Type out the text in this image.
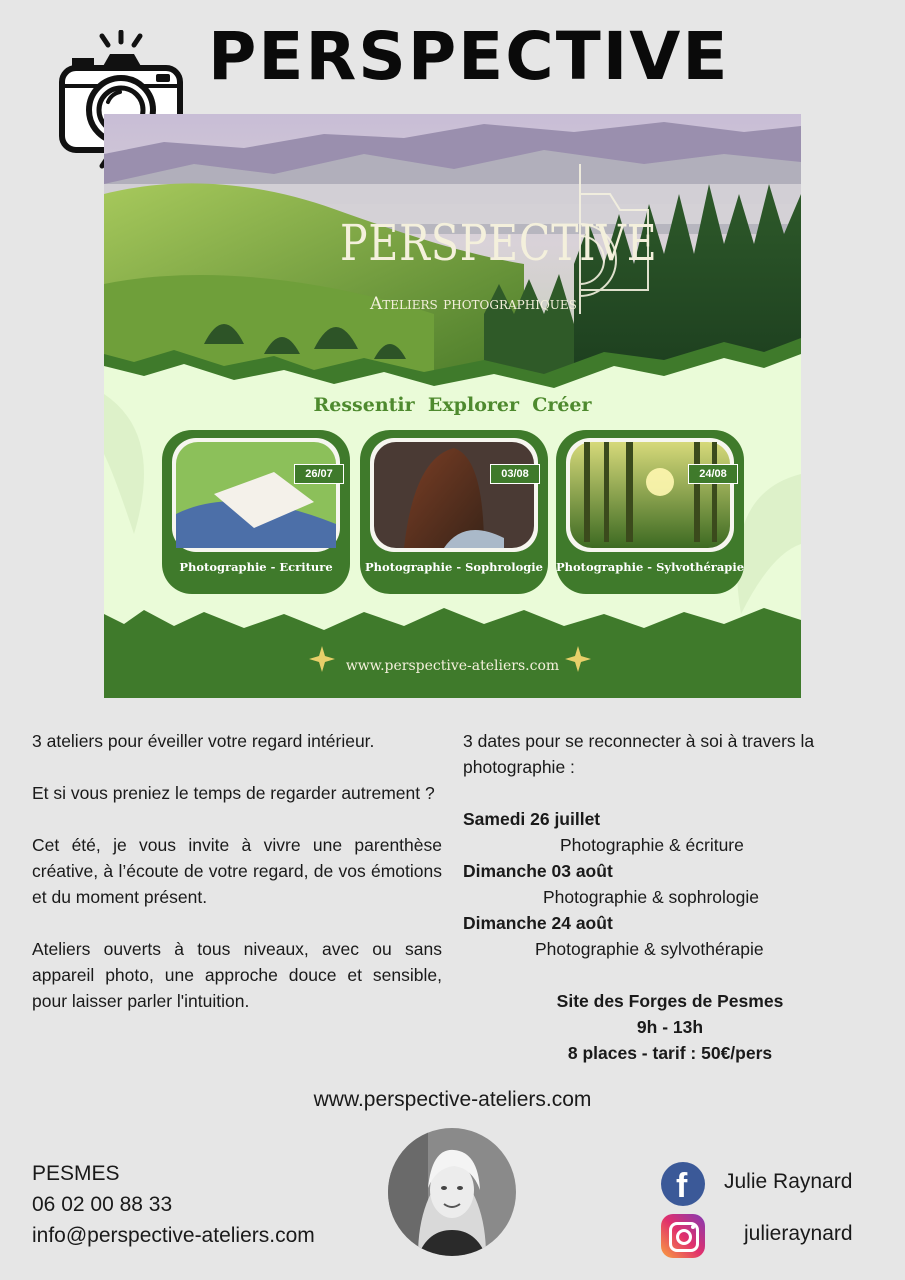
PERSPECTIVE
PERSPECTIVE
Ateliers photographiques
Ressentir  Explorer  Créer
26/07	03/08	24/08
Photographie - Ecriture	Photographie - Sophrologie	Photographie - Sylvothérapie
www.perspective-ateliers.com

3 ateliers pour éveiller votre regard intérieur.

Et si vous preniez le temps de regarder autrement ?

Cet été, je vous invite à vivre une parenthèse créative, à l’écoute de votre regard, de vos émotions et du moment présent.

Ateliers ouverts à tous niveaux, avec ou sans appareil photo, une approche douce et sensible, pour laisser parler l'intuition.

3 dates pour se reconnecter à soi à travers la photographie :
Samedi 26 juillet
Photographie & écriture
Dimanche 03 août
Photographie & sophrologie
Dimanche 24 août
Photographie & sylvothérapie
Site des Forges de Pesmes
9h - 13h
8 places - tarif : 50€/pers
www.perspective-ateliers.com
PESMES
06 02 00 88 33
info@perspective-ateliers.com
f Julie Raynard
julieraynard
